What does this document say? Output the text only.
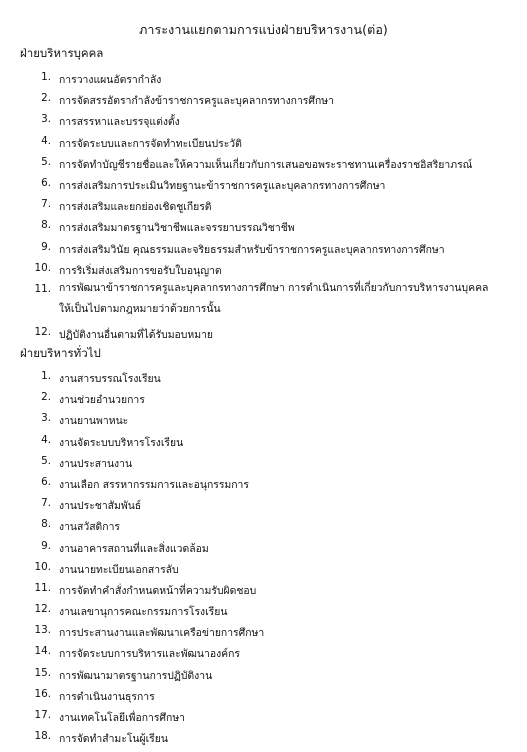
ภาระงานแยกตามการแบ่งฝ่ายบริหารงาน(ต่อ)
ฝ่ายบริหารบุคคล
1. การวางแผนอัตรากำลัง
2. การจัดสรรอัตรากำลังข้าราชการครูและบุคลากรทางการศึกษา
3. การสรรหาและบรรจุแต่งตั้ง
4. การจัดระบบและการจัดทำทะเบียนประวัติ
5. การจัดทำบัญชีรายชื่อและให้ความเห็นเกี่ยวกับการเสนอขอพระราชทานเครื่องราชอิสริยาภรณ์
6. การส่งเสริมการประเมินวิทยฐานะข้าราชการครูและบุคลากรทางการศึกษา
7. การส่งเสริมและยกย่องเชิดชูเกียรติ
8. การส่งเสริมมาตรฐานวิชาชีพและจรรยาบรรณวิชาชีพ
9. การส่งเสริมวินัย คุณธรรมและจริยธรรมสำหรับข้าราชการครูและบุคลากรทางการศึกษา
10. การริเริ่มส่งเสริมการขอรับใบอนุญาต
11. การพัฒนาข้าราชการครูและบุคลากรทางการศึกษา การดำเนินการที่เกี่ยวกับการบริหารงานบุคคลให้เป็นไปตามกฎหมายว่าด้วยการนั้น
12. ปฏิบัติงานอื่นตามที่ได้รับมอบหมาย
ฝ่ายบริหารทั่วไป
1. งานสารบรรณโรงเรียน
2. งานช่วยอำนวยการ
3. งานยานพาหนะ
4. งานจัดระบบบริหารโรงเรียน
5. งานประสานงาน
6. งานเลือก สรรหากรรมการและอนุกรรมการ
7. งานประชาสัมพันธ์
8. งานสวัสดิการ
9. งานอาคารสถานที่และสิ่งแวดล้อม
10. งานนายทะเบียนเอกสารลับ
11. การจัดทำคำสั่งกำหนดหน้าที่ความรับผิดชอบ
12. งานเลขานุการคณะกรรมการโรงเรียน
13. การประสานงานและพัฒนาเครือข่ายการศึกษา
14. การจัดระบบการบริหารและพัฒนาองค์กร
15. การพัฒนามาตรฐานการปฏิบัติงาน
16. การดำเนินงานธุรการ
17. งานเทคโนโลยีเพื่อการศึกษา
18. การจัดทำสำมะโนผู้เรียน
